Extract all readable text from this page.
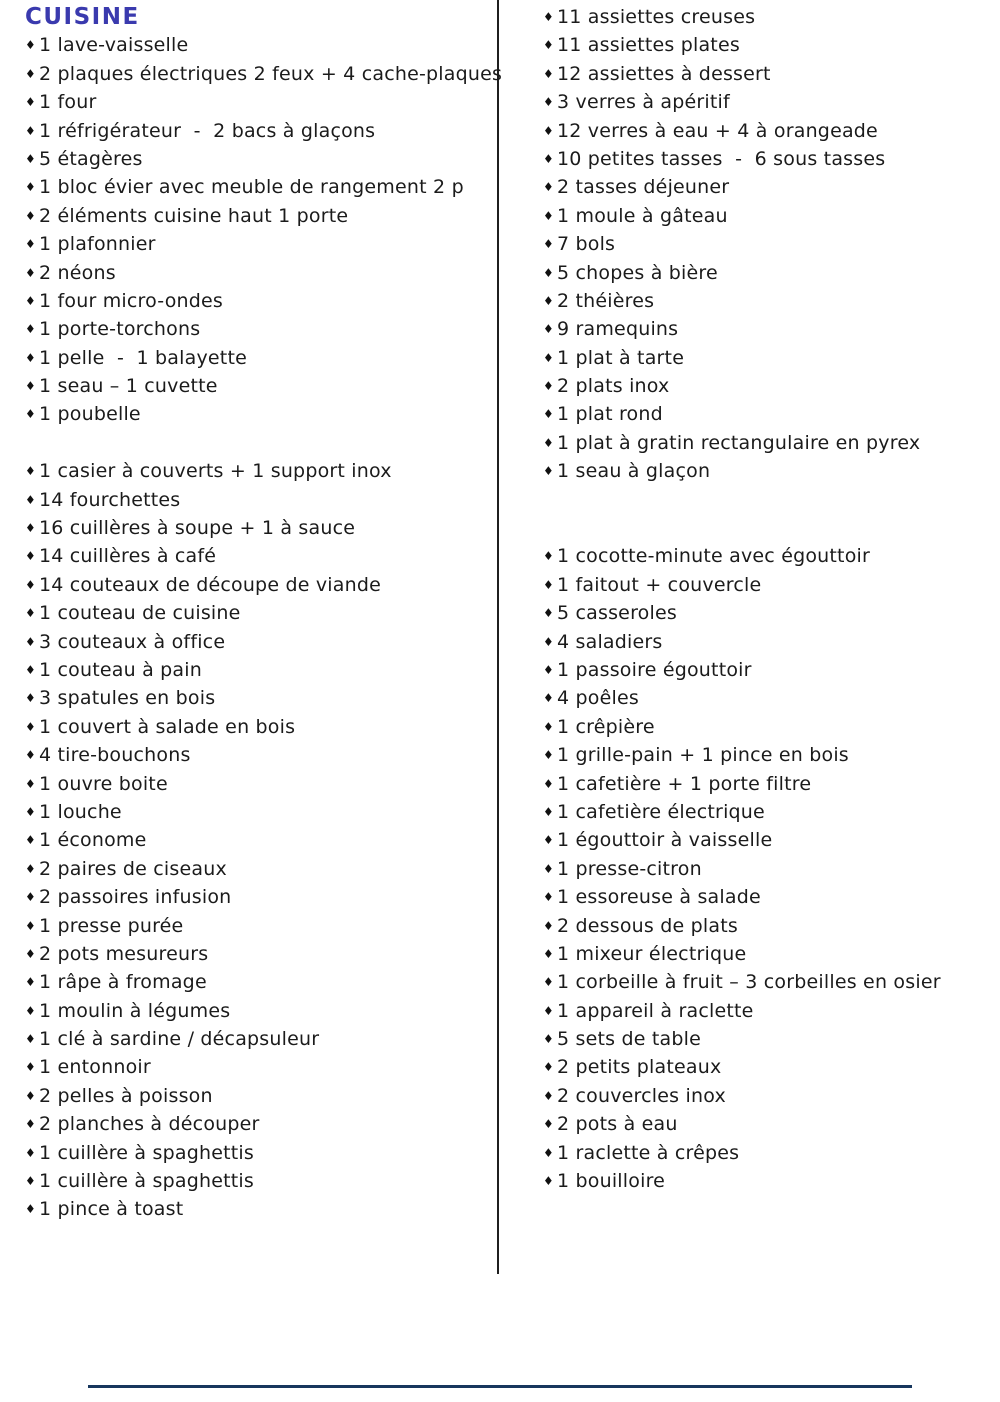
CUISINE
♦ 1 lave-vaisselle
♦ 2 plaques électriques 2 feux + 4 cache-plaques
♦ 1 four
♦ 1 réfrigérateur  -  2 bacs à glaçons
♦ 5 étagères
♦ 1 bloc évier avec meuble de rangement 2 p
♦ 2 éléments cuisine haut 1 porte
♦ 1 plafonnier
♦ 2 néons
♦ 1 four micro-ondes
♦ 1 porte-torchons
♦ 1 pelle  -  1 balayette
♦ 1 seau – 1 cuvette
♦ 1 poubelle
♦ 1 casier à couverts + 1 support inox
♦ 14 fourchettes
♦ 16 cuillères à soupe + 1 à sauce
♦ 14 cuillères à café
♦ 14 couteaux de découpe de viande
♦ 1 couteau de cuisine
♦ 3 couteaux à office
♦ 1 couteau à pain
♦ 3 spatules en bois
♦ 1 couvert à salade en bois
♦ 4 tire-bouchons
♦ 1 ouvre boite
♦ 1 louche
♦ 1 économe
♦ 2 paires de ciseaux
♦ 2 passoires infusion
♦ 1 presse purée
♦ 2 pots mesureurs
♦ 1 râpe à fromage
♦ 1 moulin à légumes
♦ 1 clé à sardine / décapsuleur
♦ 1 entonnoir
♦ 2 pelles à poisson
♦ 2 planches à découper
♦ 1 cuillère à spaghettis
♦ 1 cuillère à spaghettis
♦ 1 pince à toast
♦ 11 assiettes creuses
♦ 11 assiettes plates
♦ 12 assiettes à dessert
♦ 3 verres à apéritif
♦ 12 verres à eau + 4 à orangeade
♦ 10 petites tasses  -  6 sous tasses
♦ 2 tasses déjeuner
♦ 1 moule à gâteau
♦ 7 bols
♦ 5 chopes à bière
♦ 2 théières
♦ 9 ramequins
♦ 1 plat à tarte
♦ 2 plats inox
♦ 1 plat rond
♦ 1 plat à gratin rectangulaire en pyrex
♦ 1 seau à glaçon
♦ 1 cocotte-minute avec égouttoir
♦ 1 faitout + couvercle
♦ 5 casseroles
♦ 4 saladiers
♦ 1 passoire égouttoir
♦ 4 poêles
♦ 1 crêpière
♦ 1 grille-pain + 1 pince en bois
♦ 1 cafetière + 1 porte filtre
♦ 1 cafetière électrique
♦ 1 égouttoir à vaisselle
♦ 1 presse-citron
♦ 1 essoreuse à salade
♦ 2 dessous de plats
♦ 1 mixeur électrique
♦ 1 corbeille à fruit – 3 corbeilles en osier
♦ 1 appareil à raclette
♦ 5 sets de table
♦ 2 petits plateaux
♦ 2 couvercles inox
♦ 2 pots à eau
♦ 1 raclette à crêpes
♦ 1 bouilloire
